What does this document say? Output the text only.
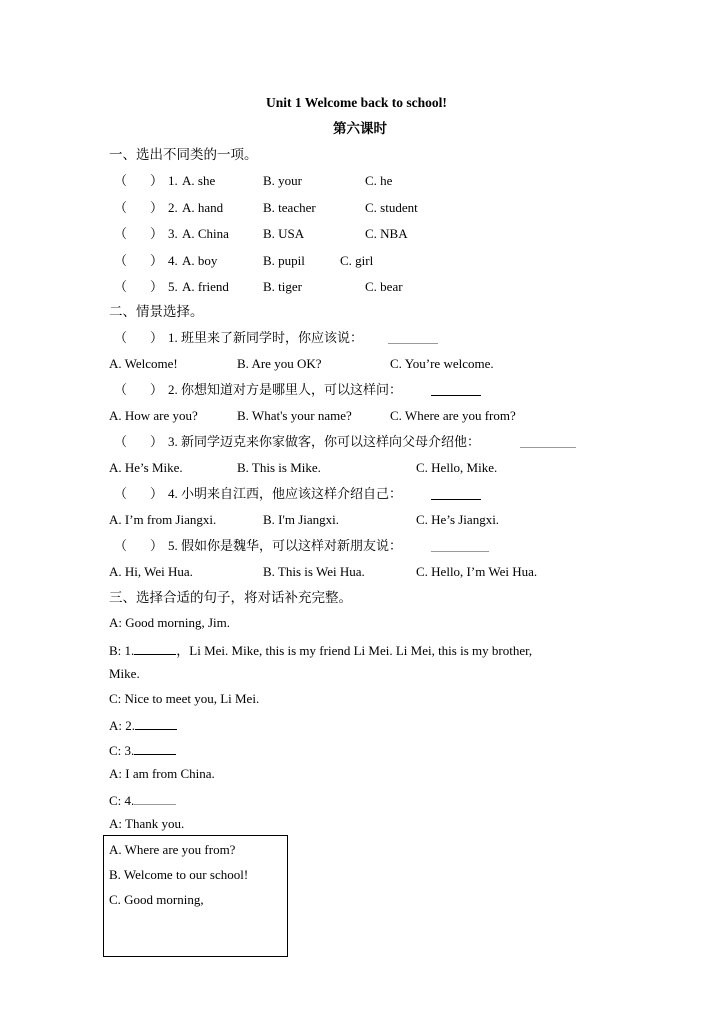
Unit 1 Welcome back to school!
第六课时
一、选出不同类的一项。
（ ） 1. A. she	B. your	C. he
（ ） 2. A. hand	B. teacher	C. student
（ ） 3. A. China	B. USA	C. NBA
（ ） 4. A. boy	B. pupil	C. girl
（ ） 5. A. friend	B. tiger	C. bear
二、情景选择。
（ ） 1. 班里来了新同学时，你应该说：
A. Welcome!	B. Are you OK?	C. You’re welcome.
（ ） 2. 你想知道对方是哪里人，可以这样问：
A. How are you?	B. What's your name?	C. Where are you from?
（ ） 3. 新同学迈克来你家做客，你可以这样向父母介绍他：
A. He’s Mike.	B. This is Mike.	C. Hello, Mike.
（ ） 4. 小明来自江西，他应该这样介绍自己：
A. I’m from Jiangxi.	B. I'm Jiangxi.	C. He’s Jiangxi.
（ ） 5. 假如你是魏华，可以这样对新朋友说：
A. Hi, Wei Hua.	B. This is Wei Hua.	C. Hello, I’m Wei Hua.
三、选择合适的句子，将对话补充完整。
A: Good morning, Jim.
B: 1.	，Li Mei. Mike, this is my friend Li Mei. Li Mei, this is my brother,
Mike.
C: Nice to meet you, Li Mei.
A: 2.
C: 3.
A: I am from China.
C: 4.
A: Thank you.
A. Where are you from?
B. Welcome to our school!
C. Good morning,
